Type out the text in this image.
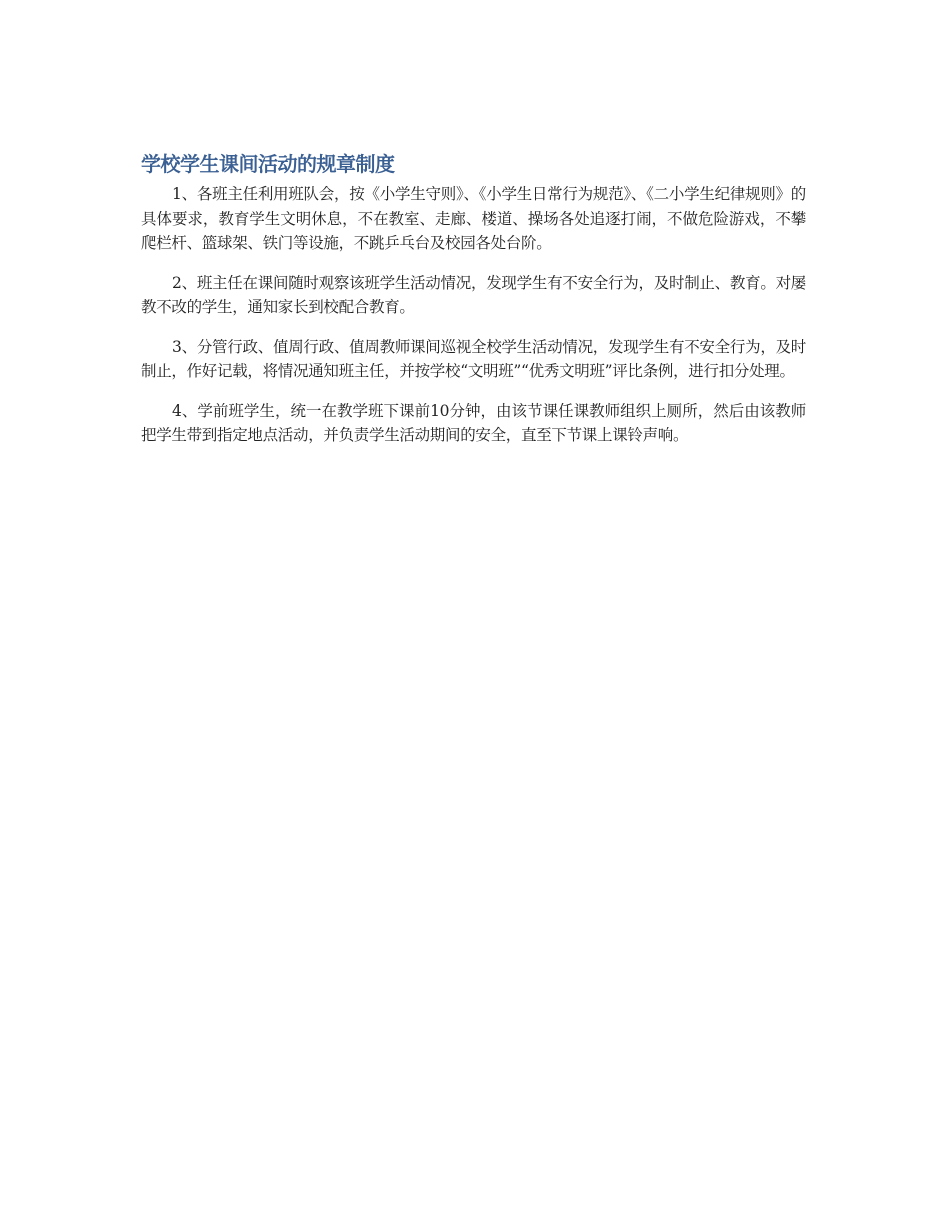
学校学生课间活动的规章制度

1、各班主任利用班队会，按《小学生守则》、《小学生日常行为规范》、《二小学生纪律规则》的具体要求，教育学生文明休息，不在教室、走廊、楼道、操场各处追逐打闹，不做危险游戏，不攀爬栏杆、篮球架、铁门等设施，不跳乒乓台及校园各处台阶。

2、班主任在课间随时观察该班学生活动情况，发现学生有不安全行为，及时制止、教育。对屡教不改的学生，通知家长到校配合教育。

3、分管行政、值周行政、值周教师课间巡视全校学生活动情况，发现学生有不安全行为，及时制止，作好记载，将情况通知班主任，并按学校“文明班”“优秀文明班”评比条例，进行扣分处理。

4、学前班学生，统一在教学班下课前10分钟，由该节课任课教师组织上厕所，然后由该教师把学生带到指定地点活动，并负责学生活动期间的安全，直至下节课上课铃声响。
